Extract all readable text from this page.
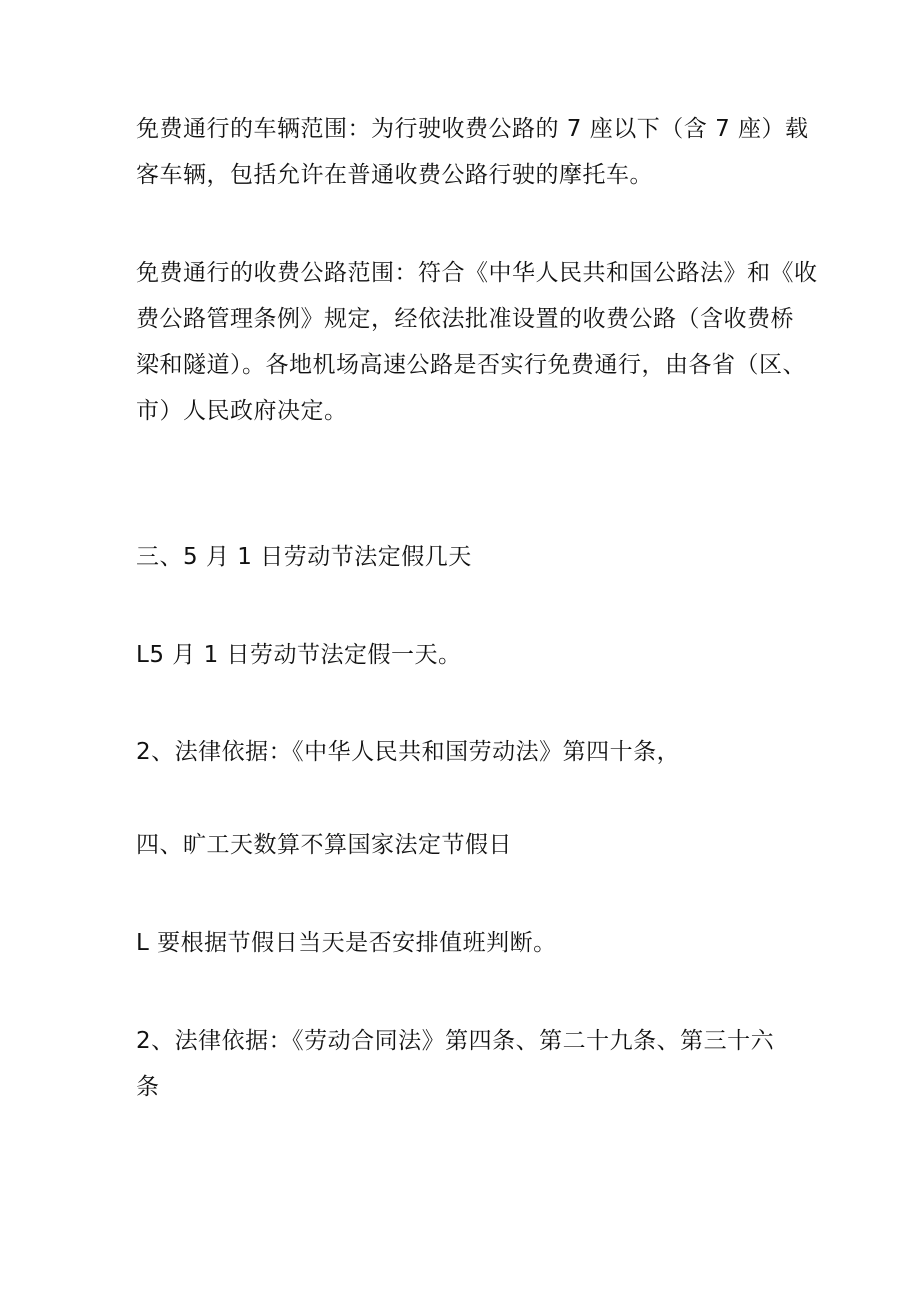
免费通行的车辆范围：为行驶收费公路的 7 座以下（含 7 座）载
客车辆，包括允许在普通收费公路行驶的摩托车。

免费通行的收费公路范围：符合《中华人民共和国公路法》和《收
费公路管理条例》规定，经依法批准设置的收费公路（含收费桥
梁和隧道）。各地机场高速公路是否实行免费通行，由各省（区、
市）人民政府决定。

三、5 月 1 日劳动节法定假几天

L5 月 1 日劳动节法定假一天。

2、法律依据：《中华人民共和国劳动法》第四十条，

四、旷工天数算不算国家法定节假日

L 要根据节假日当天是否安排值班判断。

2、法律依据：《劳动合同法》第四条、第二十九条、第三十六
条
